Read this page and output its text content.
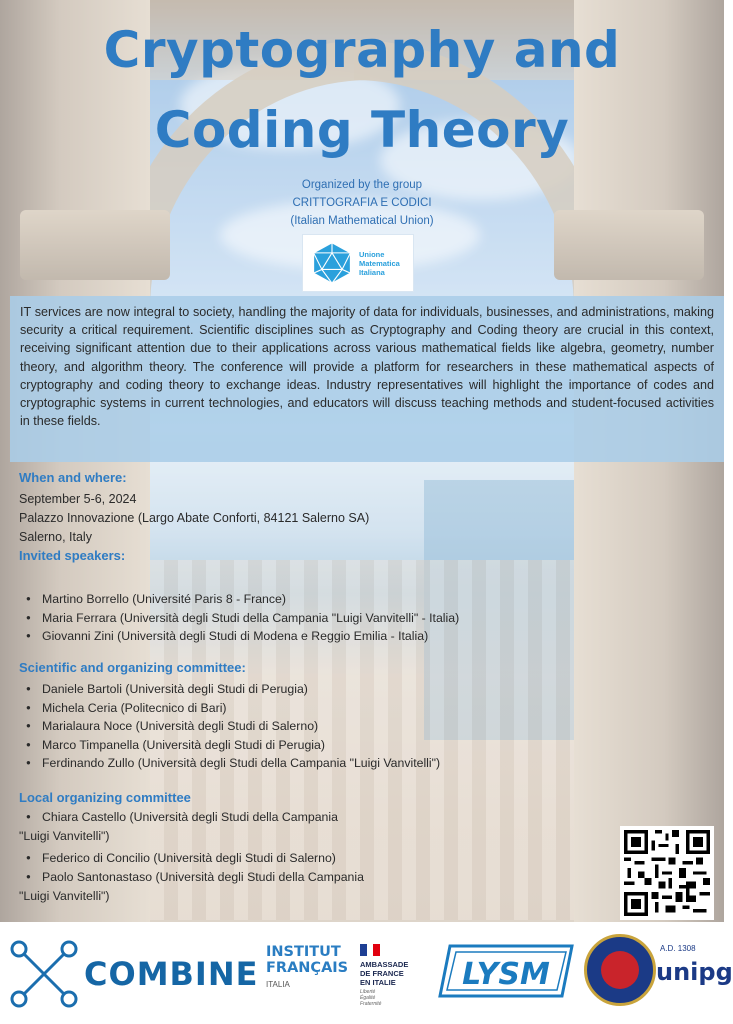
Cryptography and
Coding Theory
Organized by the group
CRITTOGRAFIA E CODICI
(Italian Mathematical Union)
Unione
Matematica
Italiana
IT services are now integral to society, handling the majority of data for individuals, businesses, and administrations, making security a critical requirement. Scientific disciplines such as Cryptography and Coding theory are crucial in this context, receiving significant attention due to their applications across various mathematical fields like algebra, geometry, number theory, and algorithm theory. The conference will provide a platform for researchers in these mathematical aspects of cryptography and coding theory to exchange ideas. Industry representatives will highlight the importance of codes and cryptographic systems in current technologies, and educators will discuss teaching methods and student-focused activities in these fields.
When and where:
September 5-6, 2024
Palazzo Innovazione (Largo Abate Conforti, 84121 Salerno SA)
Salerno, Italy
Invited speakers:
● Martino Borrello (Université Paris 8 - France)
● Maria Ferrara (Università degli Studi della Campania "Luigi Vanvitelli" - Italia)
● Giovanni Zini (Università degli Studi di Modena e Reggio Emilia - Italia)
Scientific and organizing committee:
● Daniele Bartoli (Università degli Studi di Perugia)
● Michela Ceria (Politecnico di Bari)
● Marialaura Noce (Università degli Studi di Salerno)
● Marco Timpanella (Università degli Studi di Perugia)
● Ferdinando Zullo (Università degli Studi della Campania "Luigi Vanvitelli")
Local organizing committee
● Chiara Castello (Università degli Studi della Campania
"Luigi Vanvitelli")
● Federico di Concilio (Università degli Studi di Salerno)
● Paolo Santonastaso (Università degli Studi della Campania
"Luigi Vanvitelli")
COMBINE
INSTITUT
FRANÇAIS
ITALIA
AMBASSADE
DE FRANCE
EN ITALIE
Liberté
Égalité
Fraternité
LYSM
A.D. 1308
unipg
